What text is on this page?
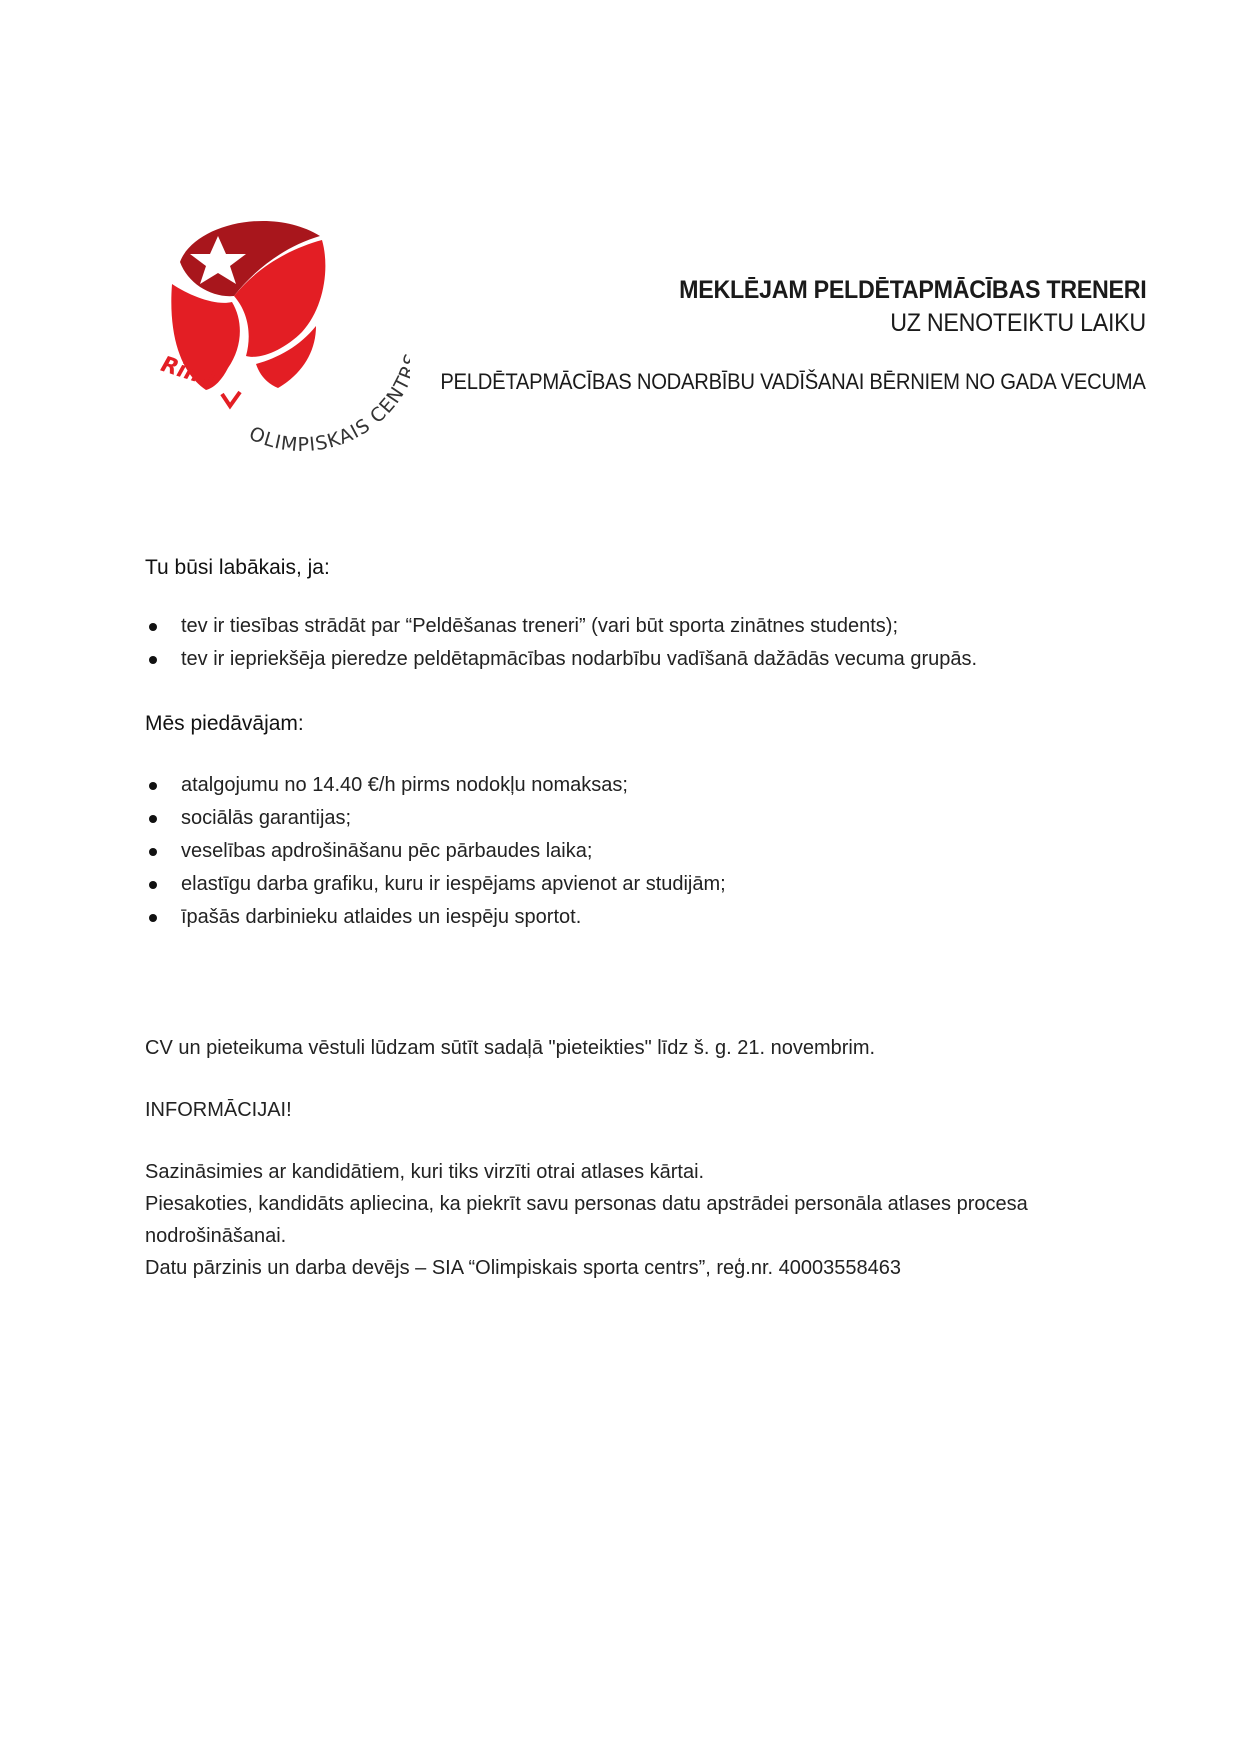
Rimi
OLIMPISKAIS CEN
MEKLĒJAM PELDĒTAPMĀCĪBAS TRENERI
UZ NENOTEIKTU LAIKU
PELDĒTAPMĀCĪBAS NODARBĪBU VADĪŠANAI BĒRNIEM NO GADA VECUMA
Tu būsi labākais, ja:
tev ir tiesības strādāt par “Peldēšanas treneri” (vari būt sporta zinātnes students);
tev ir iepriekšēja pieredze peldētapmācības nodarbību vadīšanā dažādās vecuma grupās.
Mēs piedāvājam:
atalgojumu no 14.40 €/h pirms nodokļu nomaksas;
sociālās garantijas;
veselības apdrošināšanu pēc pārbaudes laika;
elastīgu darba grafiku, kuru ir iespējams apvienot ar studijām;
īpašās darbinieku atlaides un iespēju sportot.

CV un pieteikuma vēstuli lūdzam sūtīt sadaļā "pieteikties" līdz š. g. 21. novembrim.

INFORMĀCIJAI!

Sazināsimies ar kandidātiem, kuri tiks virzīti otrai atlases kārtai.

Piesakoties, kandidāts apliecina, ka piekrīt savu personas datu apstrādei personāla atlases procesa

nodrošināšanai.

Datu pārzinis un darba devējs – SIA “Olimpiskais sporta centrs”, reģ.nr. 40003558463
